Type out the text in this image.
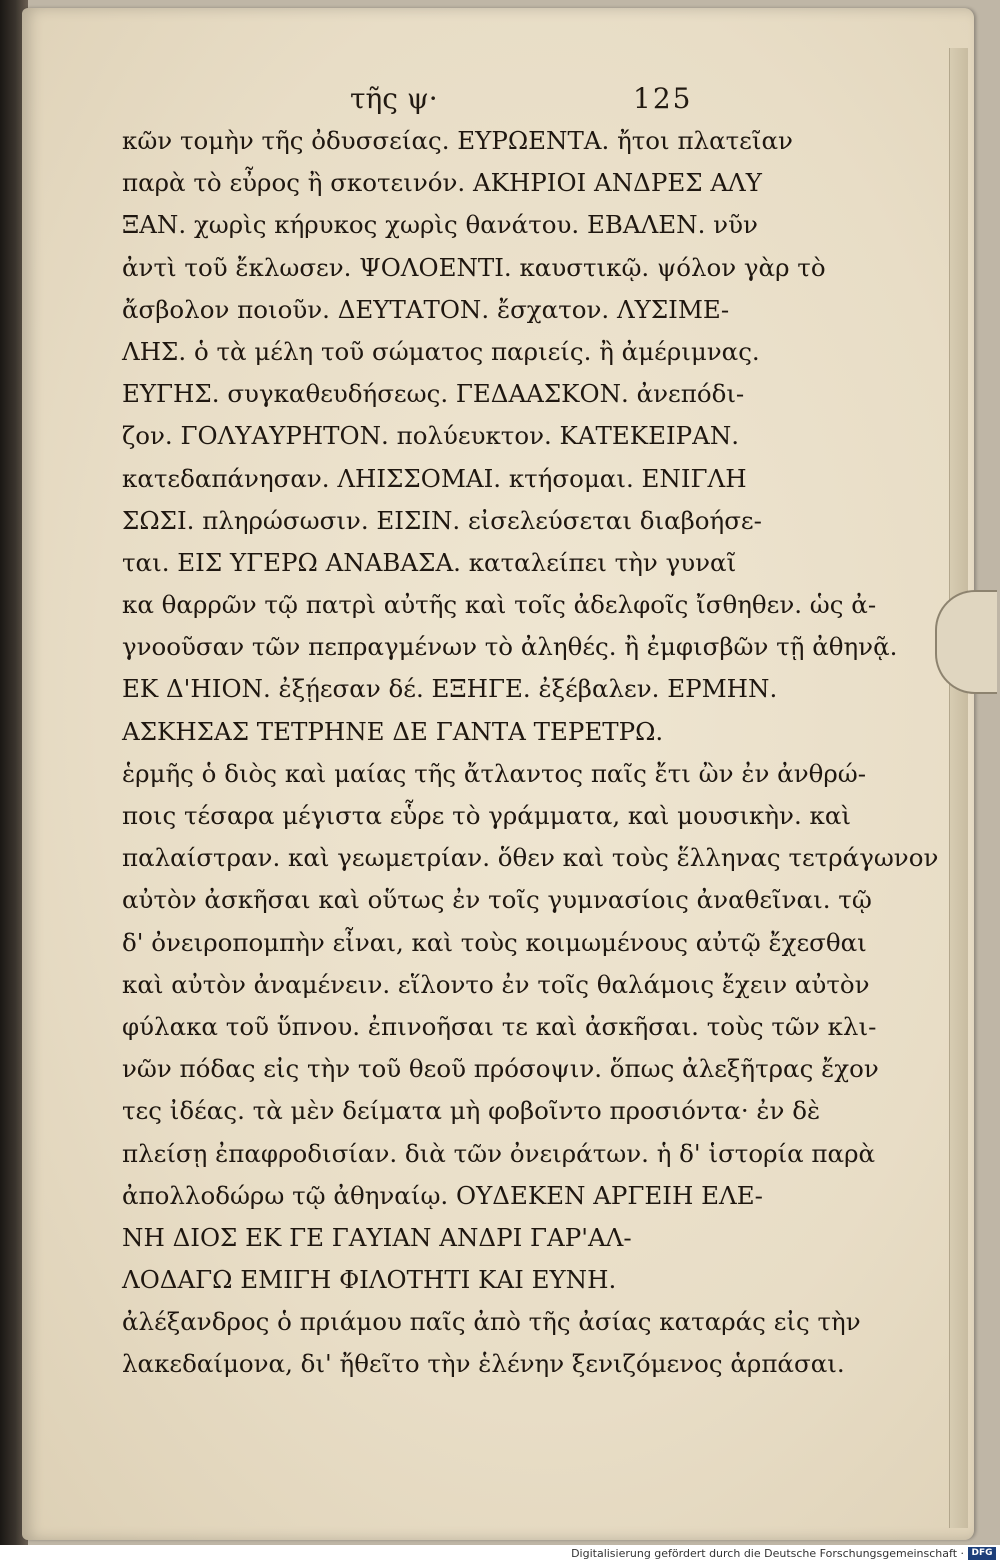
τῆς ψ·	125
κῶν τομὴν τῆς ὀδυσσείας. ΕΥΡΩΕΝΤΑ. ἤτοι πλατεῖαν
παρὰ τὸ εὖρος ἢ σκοτεινόν. ΑΚΗΡΙΟΙ ΑΝΔΡΕΣ ΑΛΥ
ΞΑΝ. χωρὶς κήρυκος χωρὶς θανάτου. ΕΒΑΛΕΝ. νῦν
ἀντὶ τοῦ ἔκλωσεν. ΨΟΛΟΕΝΤΙ. καυστικῷ. ψόλον γὰρ τὸ
ἄσβολον ποιοῦν. ΔΕΥΤΑΤΟΝ. ἔσχατον. ΛΥΣΙΜΕ-
ΛΗΣ. ὁ τὰ μέλη τοῦ σώματος παριείς. ἢ ἀμέριμνας.
ΕΥΓΗΣ. συγκαθευδήσεως. ΓΕΔΑΑΣΚΟΝ. ἀνεπόδι-
ζον. ΓΟΛΥΑΥΡΗΤΟΝ. πολύευκτον. ΚΑΤΕΚΕΙΡΑΝ.
κατεδαπάνησαν. ΛΗΙΣΣΟΜΑΙ. κτήσομαι. ΕΝΙΓΛΗ
ΣΩΣΙ. πληρώσωσιν. ΕΙΣΙΝ. εἰσελεύσεται διαβοήσε-
ται. ΕΙΣ ΥΓΕΡΩ ΑΝΑΒΑΣΑ. καταλείπει τὴν γυναῖ
κα θαρρῶν τῷ πατρὶ αὐτῆς καὶ τοῖς ἀδελφοῖς ἴσθηθεν. ὡς ἀ-
γνοοῦσαν τῶν πεπραγμένων τὸ ἀληθές. ἢ ἐμφισβῶν τῇ ἀθηνᾷ.
ΕΚ Δ'ΗΙΟΝ. ἐξῄεσαν δέ. ΕΞΗΓΕ. ἐξέβαλεν. ΕΡΜΗΝ.
ΑΣΚΗΣΑΣ ΤΕΤΡΗΝΕ ΔΕ ΓΑΝΤΑ ΤΕΡΕΤΡΩ.
ἑρμῆς ὁ διὸς καὶ μαίας τῆς ἄτλαντος παῖς ἔτι ὢν ἐν ἀνθρώ-
ποις τέσαρα μέγιστα εὗρε τὸ γράμματα, καὶ μουσικὴν. καὶ
παλαίστραν. καὶ γεωμετρίαν. ὅθεν καὶ τοὺς ἕλληνας τετράγωνον
αὐτὸν ἀσκῆσαι καὶ οὕτως ἐν τοῖς γυμνασίοις ἀναθεῖναι. τῷ
δ' ὀνειροπομπὴν εἶναι, καὶ τοὺς κοιμωμένους αὐτῷ ἔχεσθαι
καὶ αὐτὸν ἀναμένειν. εἵλοντο ἐν τοῖς θαλάμοις ἔχειν αὐτὸν
φύλακα τοῦ ὕπνου. ἐπινοῆσαι τε καὶ ἀσκῆσαι. τοὺς τῶν κλι-
νῶν πόδας εἰς τὴν τοῦ θεοῦ πρόσοψιν. ὅπως ἀλεξῆτρας ἔχον
τες ἰδέας. τὰ μὲν δείματα μὴ φοβοῖντο προσιόντα· ἐν δὲ
πλείσῃ ἐπαφροδισίαν. διὰ τῶν ὀνειράτων. ἡ δ' ἱστορία παρὰ
ἀπολλοδώρω τῷ ἀθηναίῳ. ΟΥΔΕΚΕΝ ΑΡΓΕΙΗ ΕΛΕ-
ΝΗ ΔΙΟΣ ΕΚ ΓΕ ΓΑΥΙΑΝ ΑΝΔΡΙ ΓΑΡ'ΑΛ-
ΛΟΔΑΓΩ ΕΜΙΓΗ ΦΙΛΟΤΗΤΙ ΚΑΙ ΕΥΝΗ.
ἀλέξανδρος ὁ πριάμου παῖς ἀπὸ τῆς ἀσίας καταράς εἰς τὴν
λακεδαίμονα, δι' ἤθεῖτο τὴν ἑλένην ξενιζόμενος ἁρπάσαι.
Digitalisierung gefördert durch die Deutsche Forschungsgemeinschaft · DFG
